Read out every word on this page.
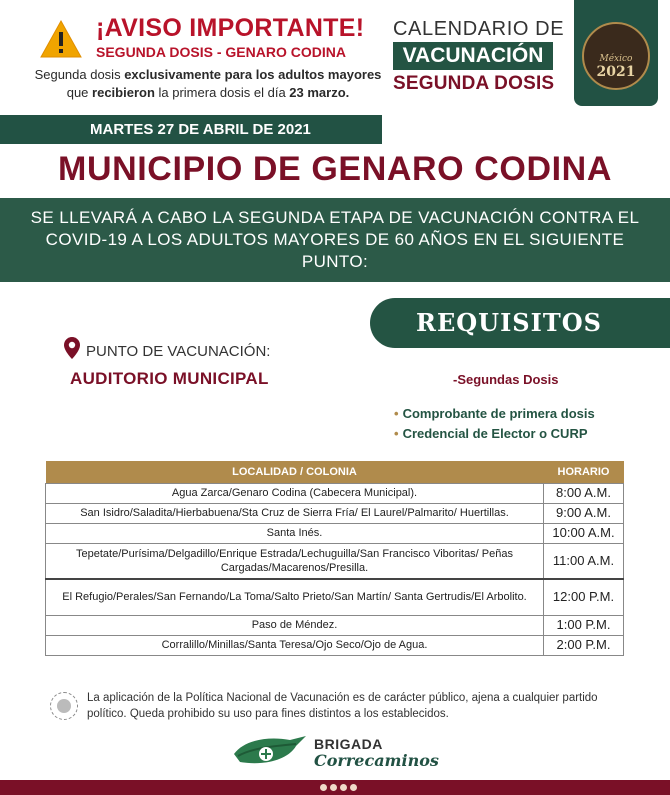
¡AVISO IMPORTANTE!
SEGUNDA DOSIS - GENARO CODINA
Segunda dosis exclusivamente para los adultos mayores que recibieron la primera dosis el día 23 marzo.
CALENDARIO DE
VACUNACIÓN
SEGUNDA DOSIS
México
2021
MARTES 27 DE ABRIL DE 2021
MUNICIPIO DE GENARO CODINA
SE LLEVARÁ A CABO LA SEGUNDA ETAPA DE VACUNACIÓN CONTRA EL COVID-19 A LOS ADULTOS MAYORES DE 60 AÑOS EN EL SIGUIENTE PUNTO:
REQUISITOS
PUNTO DE VACUNACIÓN:
AUDITORIO MUNICIPAL	-Segundas Dosis
• Comprobante de primera dosis
• Credencial de Elector o CURP
LOCALIDAD / COLONIA	HORARIO
Agua Zarca/Genaro Codina (Cabecera Municipal).	8:00 A.M.
San Isidro/Saladita/Hierbabuena/Sta Cruz de Sierra Fría/ El Laurel/Palmarito/ Huertillas.	9:00 A.M.
Santa Inés.	10:00 A.M.
Tepetate/Purísima/Delgadillo/Enrique Estrada/Lechuguilla/San Francisco Viboritas/ Peñas Cargadas/Macarenos/Presilla.	11:00 A.M.
El Refugio/Perales/San Fernando/La Toma/Salto Prieto/San Martín/ Santa Gertrudis/El Arbolito.	12:00 P.M.
Paso de Méndez.	1:00 P.M.
Corralillo/Minillas/Santa Teresa/Ojo Seco/Ojo de Agua.	2:00 P.M.
La aplicación de la Política Nacional de Vacunación es de carácter público, ajena a cualquier partido político. Queda prohibido su uso para fines distintos a los establecidos.
BRIGADA
Correcaminos
